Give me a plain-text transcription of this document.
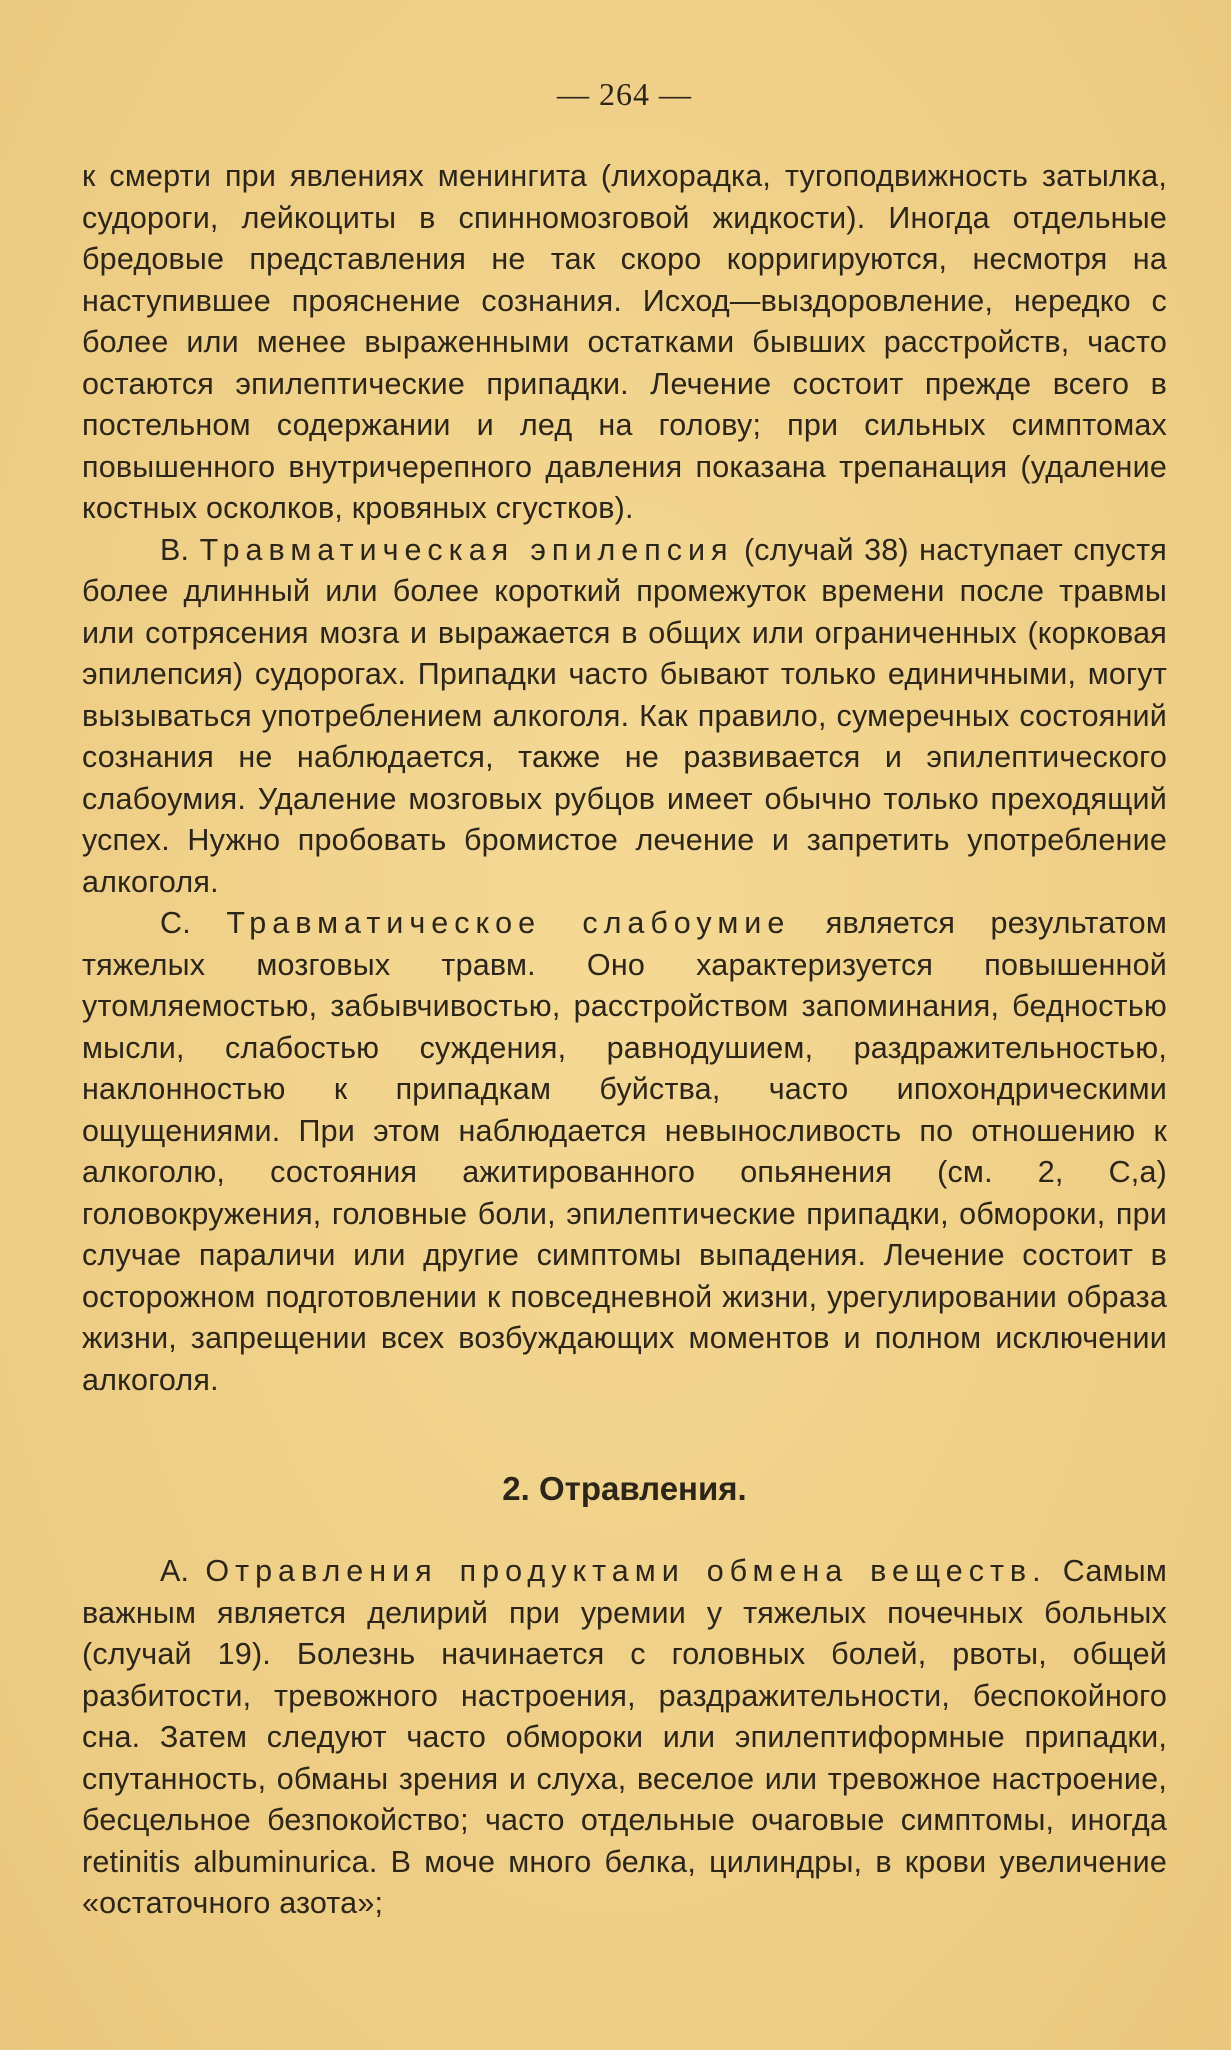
— 264 —

к смерти при явлениях менингита (лихорадка, тугоподвижность затылка, судороги, лейкоциты в спинномозговой жидкости). Иногда отдельные бредовые представления не так скоро корригируются, несмотря на наступившее прояснение сознания. Исход—выздоровление, нередко с более или менее выраженными остатками бывших расстройств, часто остаются эпилептические припадки. Лечение состоит прежде всего в постельном содержании и лед на голову; при сильных симптомах повышенного внутричерепного давления показана трепанация (удаление костных осколков, кровяных сгустков).

B. Травматическая эпилепсия (случай 38) наступает спустя более длинный или более короткий промежуток времени после травмы или сотрясения мозга и выражается в общих или ограниченных (корковая эпилепсия) судорогах. Припадки часто бывают только единичными, могут вызываться употреблением алкоголя. Как правило, сумеречных состояний сознания не наблюдается, также не развивается и эпилептического слабоумия. Удаление мозговых рубцов имеет обычно только преходящий успех. Нужно пробовать бромистое лечение и запретить употребление алкоголя.

C. Травматическое слабоумие является результатом тяжелых мозговых травм. Оно характеризуется повышенной утомляемостью, забывчивостью, расстройством запоминания, бедностью мысли, слабостью суждения, равнодушием, раздражительностью, наклонностью к припадкам буйства, часто ипохондрическими ощущениями. При этом наблюдается невыносливость по отношению к алкоголю, состояния ажитированного опьянения (см. 2, С,а) головокружения, головные боли, эпилептические припадки, обмороки, при случае параличи или другие симптомы выпадения. Лечение состоит в осторожном подготовлении к повседневной жизни, урегулировании образа жизни, запрещении всех возбуждающих моментов и полном исключении алкоголя.

2. Отравления.

A. Отравления продуктами обмена веществ. Самым важным является делирий при уремии у тяжелых почечных больных (случай 19). Болезнь начинается с головных болей, рвоты, общей разбитости, тревожного настроения, раздражительности, беспокойного сна. Затем следуют часто обмороки или эпилептиформные припадки, спутанность, обманы зрения и слуха, веселое или тревожное настроение, бесцельное безпокойство; часто отдельные очаговые симптомы, иногда retinitis albuminurica. В моче много белка, цилиндры, в крови увеличение «остаточного азота»;
